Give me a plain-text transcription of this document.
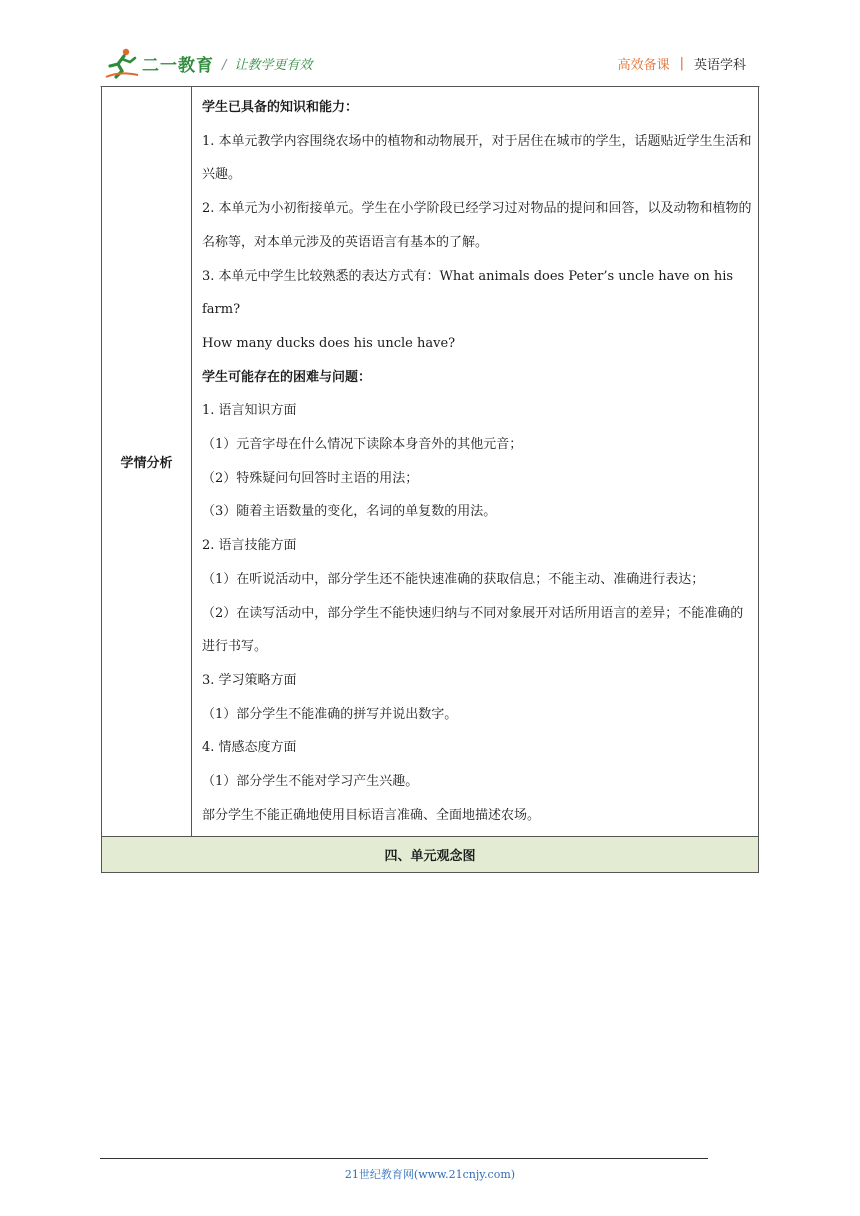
二一教育 / 让教学更有效	高效备课 | 英语学科
学情分析	

学生已具备的知识和能力：

1. 本单元教学内容围绕农场中的植物和动物展开，对于居住在城市的学生，话题贴近学生生活和兴趣。

2. 本单元为小初衔接单元。学生在小学阶段已经学习过对物品的提问和回答，以及动物和植物的名称等，对本单元涉及的英语语言有基本的了解。

3. 本单元中学生比较熟悉的表达方式有：What animals does Peter’s uncle have on his farm?

How many ducks does his uncle have?

学生可能存在的困难与问题：

1. 语言知识方面

（1）元音字母在什么情况下读除本身音外的其他元音；

（2）特殊疑问句回答时主语的用法；

（3）随着主语数量的变化，名词的单复数的用法。

2. 语言技能方面

（1）在听说活动中，部分学生还不能快速准确的获取信息；不能主动、准确进行表达；

（2）在读写活动中，部分学生不能快速归纳与不同对象展开对话所用语言的差异；不能准确的进行书写。

3. 学习策略方面

（1）部分学生不能准确的拼写并说出数字。

4. 情感态度方面

（1）部分学生不能对学习产生兴趣。

部分学生不能正确地使用目标语言准确、全面地描述农场。

四、单元观念图
21世纪教育网(www.21cnjy.com)
